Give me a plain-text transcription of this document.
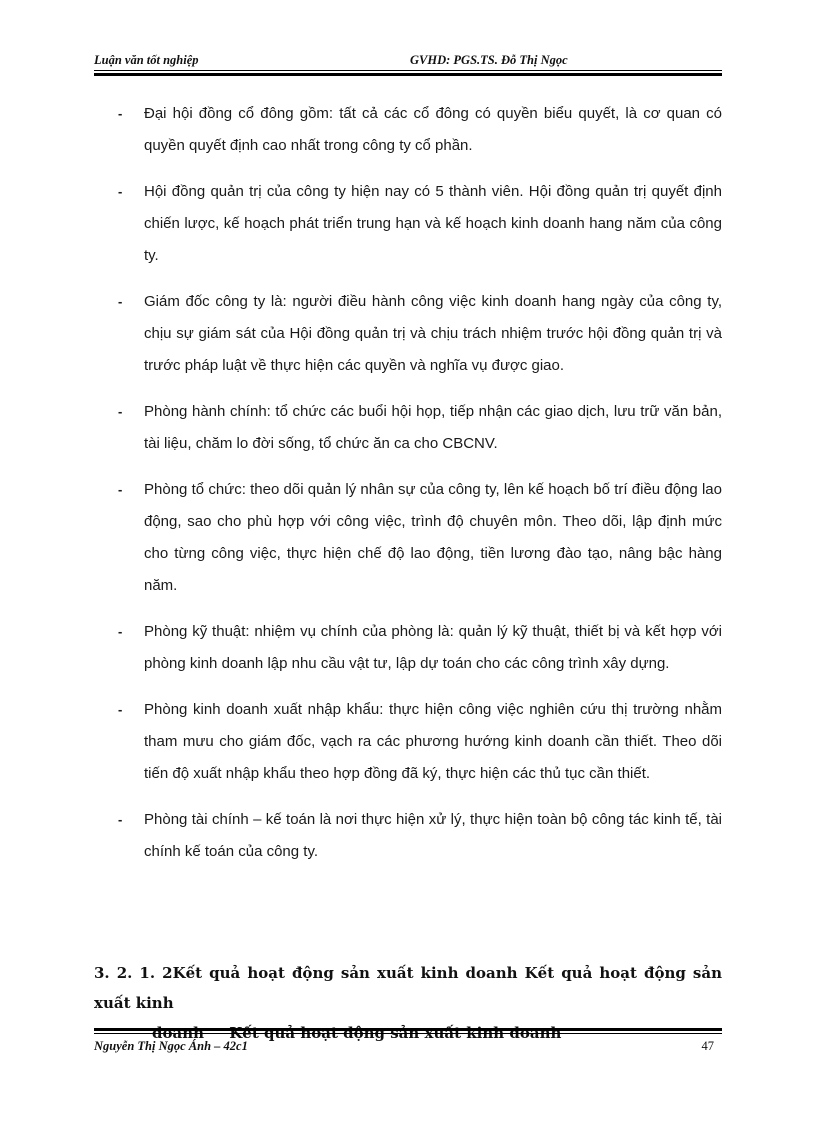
Luận văn tốt nghiệp	GVHD: PGS.TS. Đỗ Thị Ngọc
- Đại hội đồng cổ đông gồm: tất cả các cổ đông có quyền biểu quyết, là cơ quan có quyền quyết định cao nhất trong công ty cổ phần.
- Hội đồng quản trị của công ty hiện nay có 5 thành viên. Hội đồng quản trị quyết định chiến lược, kế hoạch phát triển trung hạn và kế hoạch kinh doanh hang năm của công ty.
- Giám đốc công ty là: người điều hành công việc kinh doanh hang ngày của công ty, chịu sự giám sát của Hội đồng quản trị và chịu trách nhiệm trước hội đồng quản trị và trước pháp luật về thực hiện các quyền và nghĩa vụ được giao.
- Phòng hành chính: tổ chức các buổi hội họp, tiếp nhận các giao dịch, lưu trữ văn bản, tài liệu, chăm lo đời sống, tổ chức ăn ca cho CBCNV.
- Phòng tổ chức: theo dõi quản lý nhân sự của công ty, lên kế hoạch bố trí điều động lao động, sao cho phù hợp với công việc, trình độ chuyên môn. Theo dõi, lập định mức cho từng công việc, thực hiện chế độ lao động, tiền lương đào tạo, nâng bậc hàng năm.
- Phòng kỹ thuật: nhiệm vụ chính của phòng là: quản lý kỹ thuật, thiết bị và kết hợp với phòng kinh doanh lập nhu cầu vật tư, lập dự toán cho các công trình xây dựng.
- Phòng kinh doanh xuất nhập khẩu: thực hiện công việc nghiên cứu thị trường nhằm tham mưu cho giám đốc, vạch ra các phương hướng kinh doanh cần thiết. Theo dõi tiến độ xuất nhập khẩu theo hợp đồng đã ký, thực hiện các thủ tục cần thiết.
- Phòng tài chính – kế toán là nơi thực hiện xử lý, thực hiện toàn bộ công tác kinh tế, tài chính kế toán của công ty.
3. 2. 1. 2Kết quả hoạt động sản xuất kinh doanh Kết quả hoạt động sản xuất kinh
Nguyễn Thị Ngọc Ánh – 42c1	47
